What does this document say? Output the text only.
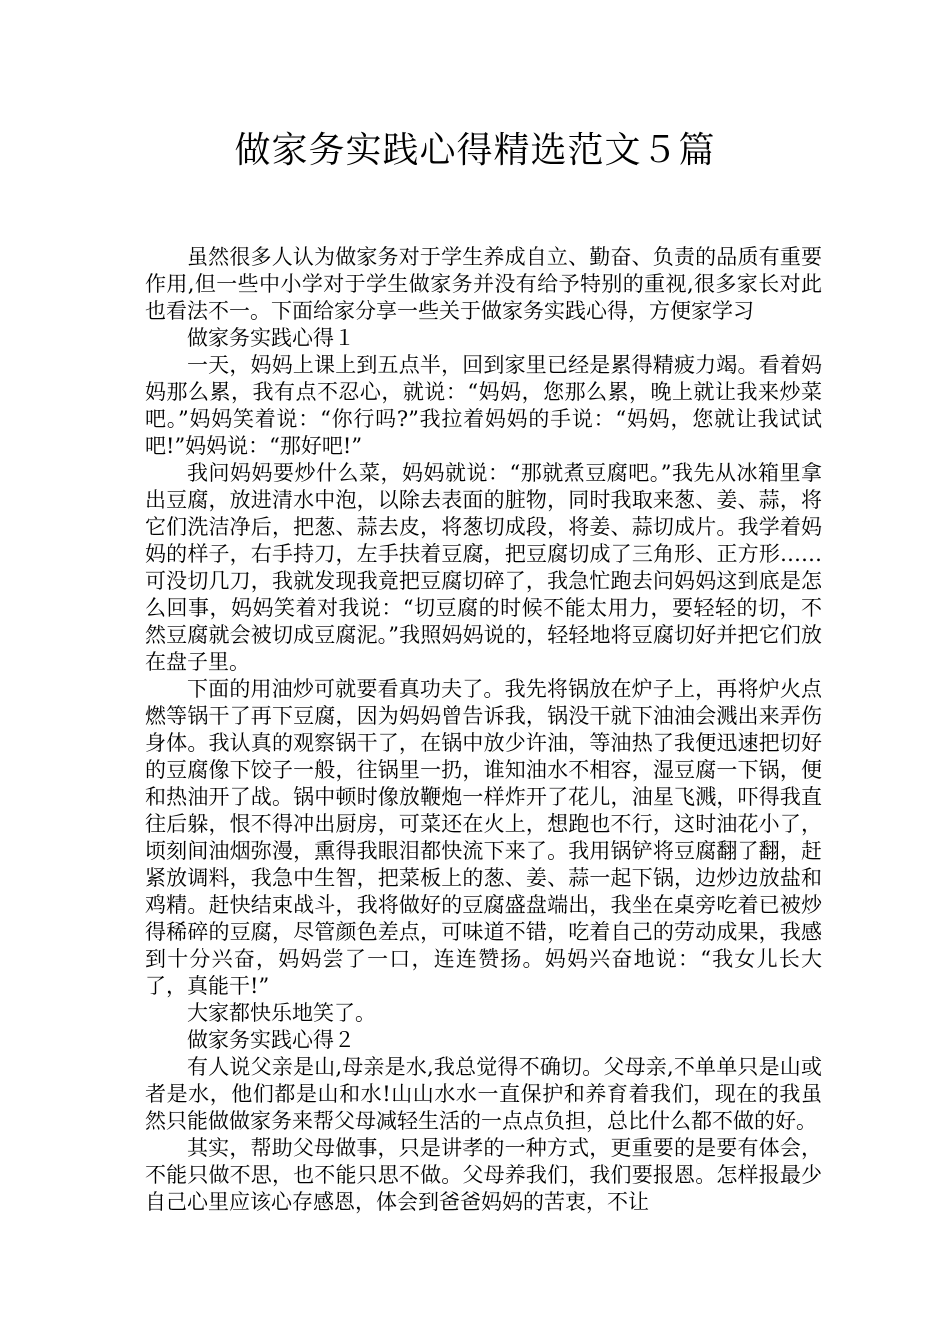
做家务实践心得精选范文５篇

虽然很多人认为做家务对于学生养成自立、勤奋、负责的品质有重要作用,但一些中小学对于学生做家务并没有给予特别的重视,很多家长对此也看法不一。下面给家分享一些关于做家务实践心得，方便家学习

做家务实践心得１

一天，妈妈上课上到五点半，回到家里已经是累得精疲力竭。看着妈妈那么累，我有点不忍心，就说：“妈妈，您那么累，晚上就让我来炒菜吧。”妈妈笑着说：“你行吗?”我拉着妈妈的手说：“妈妈，您就让我试试吧!”妈妈说：“那好吧!”

我问妈妈要炒什么菜，妈妈就说：“那就煮豆腐吧。”我先从冰箱里拿出豆腐，放进清水中泡，以除去表面的脏物，同时我取来葱、姜、蒜，将它们洗洁净后，把葱、蒜去皮，将葱切成段，将姜、蒜切成片。我学着妈妈的样子，右手持刀，左手扶着豆腐，把豆腐切成了三角形、正方形……可没切几刀，我就发现我竟把豆腐切碎了，我急忙跑去问妈妈这到底是怎么回事，妈妈笑着对我说：“切豆腐的时候不能太用力，要轻轻的切，不然豆腐就会被切成豆腐泥。”我照妈妈说的，轻轻地将豆腐切好并把它们放在盘子里。

下面的用油炒可就要看真功夫了。我先将锅放在炉子上，再将炉火点燃等锅干了再下豆腐，因为妈妈曾告诉我，锅没干就下油油会溅出来弄伤身体。我认真的观察锅干了，在锅中放少许油，等油热了我便迅速把切好的豆腐像下饺子一般，往锅里一扔，谁知油水不相容，湿豆腐一下锅，便和热油开了战。锅中顿时像放鞭炮一样炸开了花儿，油星飞溅，吓得我直往后躲，恨不得冲出厨房，可菜还在火上，想跑也不行，这时油花小了，顷刻间油烟弥漫，熏得我眼泪都快流下来了。我用锅铲将豆腐翻了翻，赶紧放调料，我急中生智，把菜板上的葱、姜、蒜一起下锅，边炒边放盐和鸡精。赶快结束战斗，我将做好的豆腐盛盘端出，我坐在桌旁吃着已被炒得稀碎的豆腐，尽管颜色差点，可味道不错，吃着自己的劳动成果，我感到十分兴奋，妈妈尝了一口，连连赞扬。妈妈兴奋地说：“我女儿长大了，真能干!”

大家都快乐地笑了。

做家务实践心得２

有人说父亲是山,母亲是水,我总觉得不确切。父母亲,不单单只是山或者是水，他们都是山和水!山山水水一直保护和养育着我们，现在的我虽然只能做做家务来帮父母减轻生活的一点点负担，总比什么都不做的好。

其实，帮助父母做事，只是讲孝的一种方式，更重要的是要有体会，不能只做不思，也不能只思不做。父母养我们，我们要报恩。怎样报最少自己心里应该心存感恩，体会到爸爸妈妈的苦衷，不让
